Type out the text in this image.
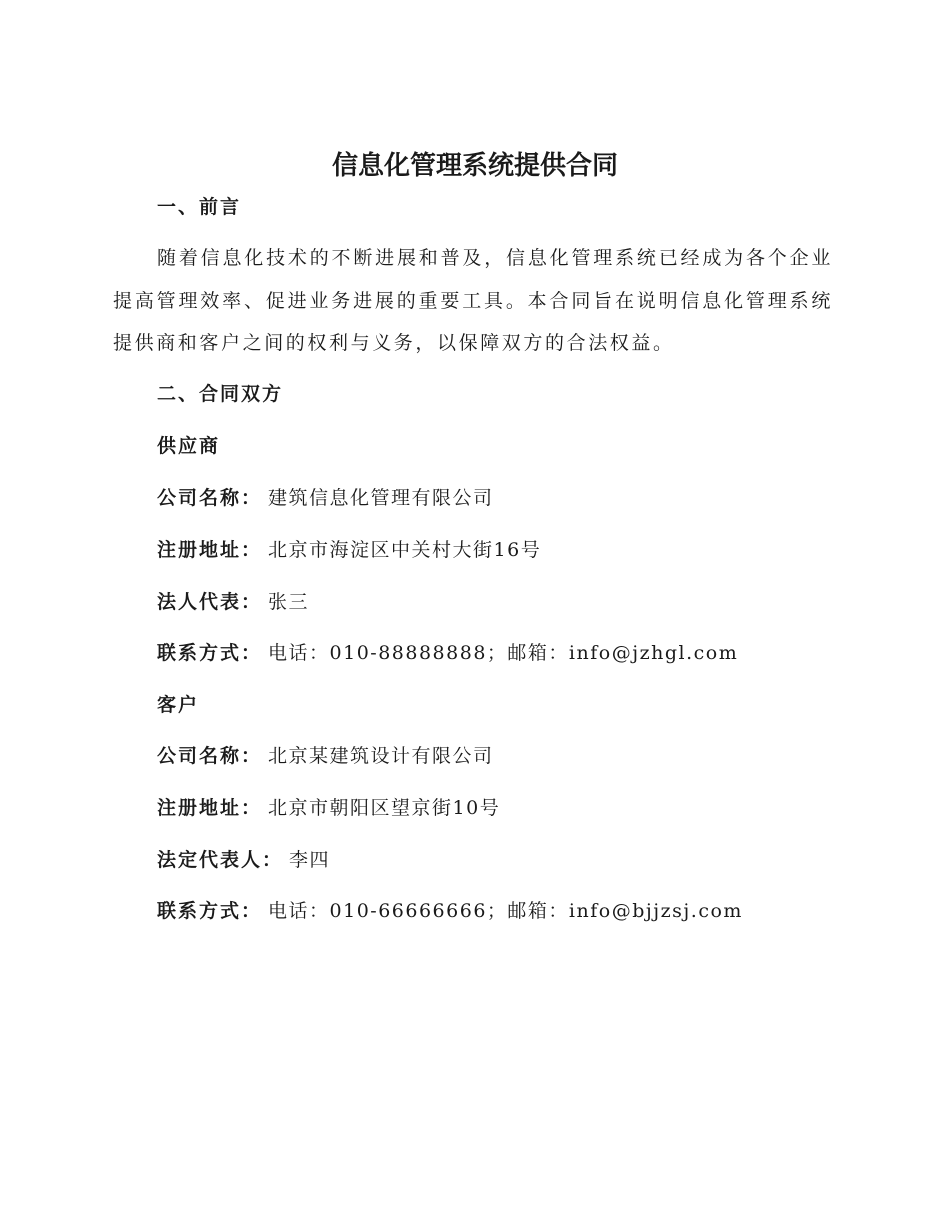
信息化管理系统提供合同
一、前言

随着信息化技术的不断进展和普及，信息化管理系统已经成为各个企业提高管理效率、促进业务进展的重要工具。本合同旨在说明信息化管理系统提供商和客户之间的权利与义务，以保障双方的合法权益。

二、合同双方
供应商
公司名称： 建筑信息化管理有限公司
注册地址： 北京市海淀区中关村大街16号
法人代表： 张三
联系方式： 电话：010-88888888；邮箱：info@jzhgl.com
客户
公司名称： 北京某建筑设计有限公司
注册地址： 北京市朝阳区望京街10号
法定代表人： 李四
联系方式： 电话：010-66666666；邮箱：info@bjjzsj.com
